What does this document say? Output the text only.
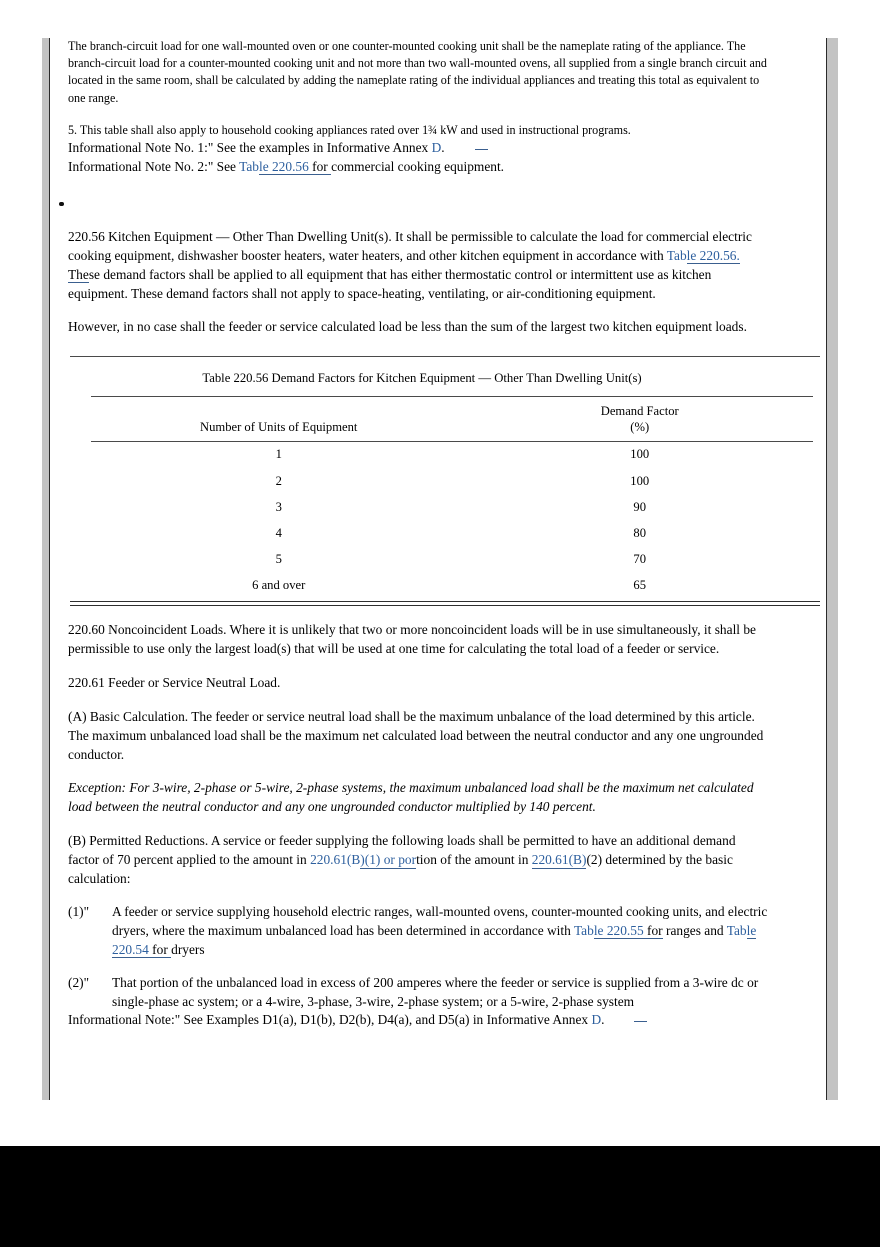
The branch-circuit load for one wall-mounted oven or one counter-mounted cooking unit shall be the nameplate rating of the appliance. The branch-circuit load for a counter-mounted cooking unit and not more than two wall-mounted ovens, all supplied from a single branch circuit and located in the same room, shall be calculated by adding the nameplate rating of the individual appliances and treating this total as equivalent to one range.

5. This table shall also apply to household cooking appliances rated over 1¾ kW and used in instructional programs.

Informational Note No. 1:" See the examples in Informative Annex D.

Informational Note No. 2:" See Table 220.56 for commercial cooking equipment.

220.56 Kitchen Equipment — Other Than Dwelling Unit(s). It shall be permissible to calculate the load for commercial electric cooking equipment, dishwasher booster heaters, water heaters, and other kitchen equipment in accordance with Table 220.56. These demand factors shall be applied to all equipment that has either thermostatic control or intermittent use as kitchen equipment. These demand factors shall not apply to space-heating, ventilating, or air-conditioning equipment.

However, in no case shall the feeder or service calculated load be less than the sum of the largest two kitchen equipment loads.

Table 220.56 Demand Factors for Kitchen Equipment — Other Than Dwelling Unit(s)
Number of Units of Equipment	Demand Factor
(%)
1	100
2	100
3	90
4	80
5	70
6 and over	65

220.60 Noncoincident Loads. Where it is unlikely that two or more noncoincident loads will be in use simultaneously, it shall be permissible to use only the largest load(s) that will be used at one time for calculating the total load of a feeder or service.

220.61 Feeder or Service Neutral Load.

(A) Basic Calculation. The feeder or service neutral load shall be the maximum unbalance of the load determined by this article. The maximum unbalanced load shall be the maximum net calculated load between the neutral conductor and any one ungrounded conductor.

Exception: For 3-wire, 2-phase or 5-wire, 2-phase systems, the maximum unbalanced load shall be the maximum net calculated load between the neutral conductor and any one ungrounded conductor multiplied by 140 percent.

(B) Permitted Reductions. A service or feeder supplying the following loads shall be permitted to have an additional demand factor of 70 percent applied to the amount in 220.61(B)(1) or portion of the amount in 220.61(B)(2) determined by the basic calculation:

(1)"	A feeder or service supplying household electric ranges, wall-mounted ovens, counter-mounted cooking units, and electric dryers, where the maximum unbalanced load has been determined in accordance with Table 220.55 for ranges and Table 220.54 for dryers
(2)"	That portion of the unbalanced load in excess of 200 amperes where the feeder or service is supplied from a 3-wire dc or single-phase ac system; or a 4-wire, 3-phase, 3-wire, 2-phase system; or a 5-wire, 2-phase system

Informational Note:" See Examples D1(a), D1(b), D2(b), D4(a), and D5(a) in Informative Annex D.
